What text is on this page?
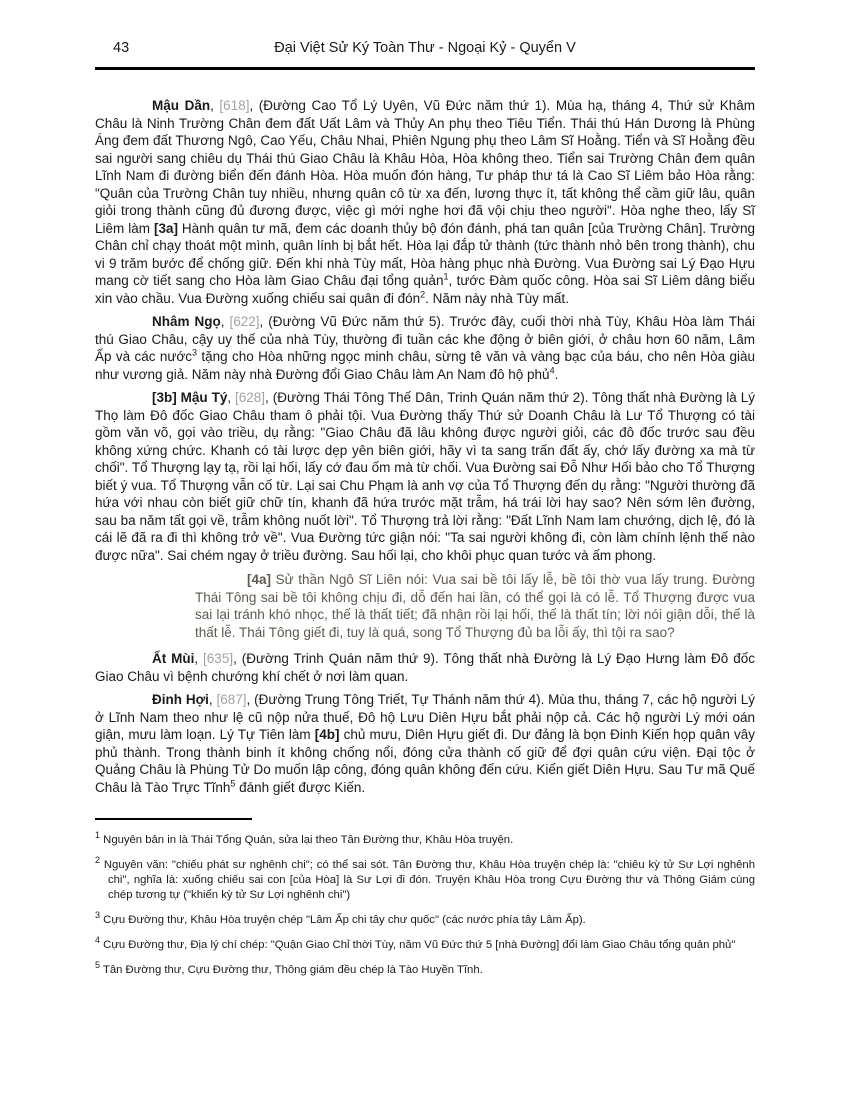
43	Đại Việt Sử Ký Toàn Thư - Ngoại Kỷ - Quyển V
Mậu Dần, [618], (Đường Cao Tổ Lý Uyên, Vũ Đức năm thứ 1). Mùa hạ, tháng 4, Thứ sử Khâm Châu là Ninh Trường Chân đem đất Uất Lâm và Thủy An phụ theo Tiêu Tiển. Thái thú Hán Dương là Phùng Áng đem đất Thương Ngô, Cao Yếu, Châu Nhai, Phiên Ngung phụ theo Lâm Sĩ Hoằng. Tiển và Sĩ Hoằng đều sai người sang chiêu dụ Thái thú Giao Châu là Khâu Hòa, Hòa không theo. Tiển sai Trường Chân đem quân Lĩnh Nam đi đường biển đến đánh Hòa. Hòa muốn đón hàng, Tư pháp thư tá là Cao Sĩ Liêm bảo Hòa rằng: "Quân của Trường Chân tuy nhiều, nhưng quân cô từ xa đến, lương thực ít, tất không thể cầm giữ lâu, quân giỏi trong thành cũng đủ đương được, việc gì mới nghe hơi đã vội chịu theo người". Hòa nghe theo, lấy Sĩ Liêm làm [3a] Hành quân tư mã, đem các doanh thủy bộ đón đánh, phá tan quân [của Trường Chân]. Trường Chân chỉ chạy thoát một mình, quân lính bị bắt hết. Hòa lại đắp tử thành (tức thành nhỏ bên trong thành), chu vi 9 trăm bước để chống giữ. Đến khi nhà Tùy mất, Hòa hàng phục nhà Đường. Vua Đường sai Lý Đạo Hựu mang cờ tiết sang cho Hòa làm Giao Châu đại tổng quản$^1$, tước Đàm quốc công. Hòa sai Sĩ Liêm dâng biểu xin vào chầu. Vua Đường xuống chiếu sai quân đi đón$^2$. Năm này nhà Tùy mất.
Nhâm Ngọ, [622], (Đường Vũ Đức năm thứ 5). Trước đây, cuối thời nhà Tùy, Khâu Hòa làm Thái thú Giao Châu, cậy uy thế của nhà Tùy, thường đi tuần các khe động ở biên giới, ở châu hơn 60 năm, Lâm Ấp và các nước$^3$ tặng cho Hòa những ngọc minh châu, sừng tê văn và vàng bạc của báu, cho nên Hòa giàu như vương giả. Năm này nhà Đường đổi Giao Châu làm An Nam đô hộ phủ$^4$.
[3b] Mậu Tý, [628], (Đường Thái Tông Thế Dân, Trinh Quán năm thứ 2). Tông thất nhà Đường là Lý Thọ làm Đô đốc Giao Châu tham ô phải tội. Vua Đường thấy Thứ sử Doanh Châu là Lư Tổ Thượng có tài gồm văn võ, gọi vào triều, dụ rằng: "Giao Châu đã lâu không được người giỏi, các đô đốc trước sau đều không xứng chức. Khanh có tài lược dẹp yên biên giới, hãy vì ta sang trấn đất ấy, chớ lấy đường xa mà từ chối". Tổ Thượng lạy tạ, rồi lại hối, lấy cớ đau ốm mà từ chối. Vua Đường sai Đỗ Như Hối bảo cho Tổ Thượng biết ý vua. Tổ Thượng vẫn cố từ. Lại sai Chu Phạm là anh vợ của Tổ Thượng đến dụ rằng: "Người thường đã hứa với nhau còn biết giữ chữ tín, khanh đã hứa trước mặt trẫm, há trái lời hay sao? Nên sớm lên đường, sau ba năm tất gọi về, trẫm không nuốt lời". Tổ Thượng trả lời rằng: "Đất Lĩnh Nam lam chướng, dịch lệ, đó là cái lẽ đã ra đi thì không trở về". Vua Đường tức giận nói: "Ta sai người không đi, còn làm chính lệnh thế nào được nữa". Sai chém ngay ở triều đường. Sau hối lại, cho khôi phục quan tước và ấm phong.
[4a] Sử thần Ngô Sĩ Liên nói: Vua sai bề tôi lấy lễ, bề tôi thờ vua lấy trung. Đường Thái Tông sai bề tôi không chịu đi, dỗ đến hai lần, có thể gọi là có lễ. Tổ Thượng được vua sai lại tránh khó nhọc, thế là thất tiết; đã nhận rồi lại hối, thế là thất tín; lời nói giận dỗi, thế là thất lễ. Thái Tông giết đi, tuy là quá, song Tổ Thượng đủ ba lỗi ấy, thì tội ra sao?
Ất Mùi, [635], (Đường Trinh Quán năm thứ 9). Tông thất nhà Đường là Lý Đạo Hưng làm Đô đốc Giao Châu vì bệnh chướng khí chết ở nơi làm quan.
Đinh Hợi, [687], (Đường Trung Tông Triết, Tự Thánh năm thứ 4). Mùa thu, tháng 7, các hộ người Lý ở Lĩnh Nam theo như lệ cũ nộp nửa thuế, Đô hộ Lưu Diên Hựu bắt phải nộp cả. Các hộ người Lý mới oán giận, mưu làm loạn. Lý Tự Tiên làm [4b] chủ mưu, Diên Hựu giết đi. Dư đảng là bọn Đinh Kiến họp quân vây phủ thành. Trong thành binh ít không chống nổi, đóng cửa thành cố giữ để đợi quân cứu viện. Đại tộc ở Quảng Châu là Phùng Tử Do muốn lập công, đóng quân không đến cứu. Kiến giết Diên Hựu. Sau Tư mã Quế Châu là Tào Trực Tĩnh$^5$ đánh giết được Kiến.
$^1$ Nguyên bản in là Thái Tổng Quản, sửa lại theo Tân Đường thư, Khâu Hòa truyện.
$^2$ Nguyên văn: "chiếu phát sư nghênh chi"; có thể sai sót. Tân Đường thư, Khâu Hòa truyện chép là: "chiêu kỳ tử Sư Lợi nghênh chi", nghĩa là: xuống chiếu sai con [của Hòa] là Sư Lợi đi đón. Truyện Khâu Hòa trong Cựu Đường thư và Thông Giám cùng chép tương tự ("khiển kỳ tử Sư Lợi nghênh chi")
$^3$ Cựu Đường thư, Khâu Hòa truyện chép "Lâm Ấp chi tây chư quốc" (các nước phía tây Lâm Ấp).
$^4$ Cựu Đường thư, Địa lý chí chép: "Quận Giao Chỉ thời Tùy, năm Vũ Đức thứ 5 [nhà Đường] đổi làm Giao Châu tổng quản phủ"
$^5$ Tân Đường thư, Cựu Đường thư, Thông giám đều chép là Tào Huyền Tĩnh.
